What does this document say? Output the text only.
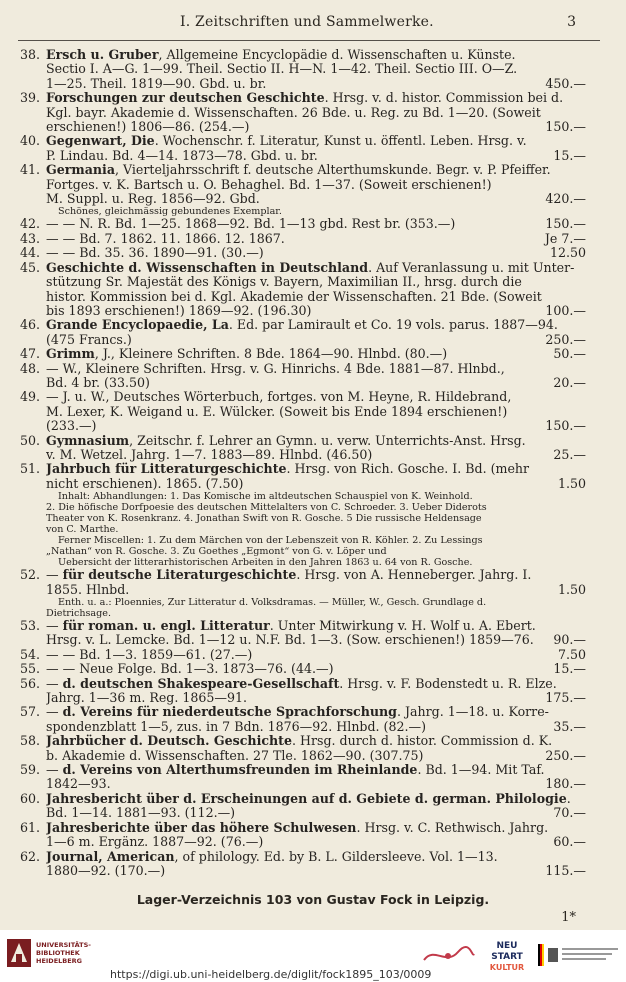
I. Zeitschriften und Sammelwerke.	3
38. Ersch u. Gruber, Allgemeine Encyclopädie d. Wissenschaften u. Künste.
Sectio I. A—G. 1—99. Theil. Sectio II. H—N. 1—42. Theil. Sectio III. O—Z.
1—25. Theil. 1819—90. Gbd. u. br.	450.—
39. Forschungen zur deutschen Geschichte. Hrsg. v. d. histor. Commission bei d.
Kgl. bayr. Akademie d. Wissenschaften. 26 Bde. u. Reg. zu Bd. 1—20. (Soweit
erschienen!) 1806—86. (254.—)	150.—
40. Gegenwart, Die. Wochenschr. f. Literatur, Kunst u. öffentl. Leben. Hrsg. v.
P. Lindau. Bd. 4—14. 1873—78. Gbd. u. br.	15.—
41. Germania, Vierteljahrsschrift f. deutsche Alterthumskunde. Begr. v. P. Pfeiffer.
Fortges. v. K. Bartsch u. O. Behaghel. Bd. 1—37. (Soweit erschienen!)
M. Suppl. u. Reg. 1856—92. Gbd.	420.—
Schönes, gleichmässig gebundenes Exemplar.
42. — — N. R. Bd. 1—25. 1868—92. Bd. 1—13 gbd. Rest br. (353.—)	150.—
43. — — Bd. 7. 1862. 11. 1866. 12. 1867.	Je 7.—
44. — — Bd. 35. 36. 1890—91. (30.—)	12.50
45. Geschichte d. Wissenschaften in Deutschland. Auf Veranlassung u. mit Unter-
stützung Sr. Majestät des Königs v. Bayern, Maximilian II., hrsg. durch die
histor. Kommission bei d. Kgl. Akademie der Wissenschaften. 21 Bde. (Soweit
bis 1893 erschienen!) 1869—92. (196.30)	100.—
46. Grande Encyclopaedie, La. Ed. par Lamirault et Co. 19 vols. parus. 1887—94.
(475 Francs.)	250.—
47. Grimm, J., Kleinere Schriften. 8 Bde. 1864—90. Hlnbd. (80.—)	50.—
48. — W., Kleinere Schriften. Hrsg. v. G. Hinrichs. 4 Bde. 1881—87. Hlnbd.,
Bd. 4 br. (33.50)	20.—
49. — J. u. W., Deutsches Wörterbuch, fortges. von M. Heyne, R. Hildebrand,
M. Lexer, K. Weigand u. E. Wülcker. (Soweit bis Ende 1894 erschienen!)
(233.—)	150.—
50. Gymnasium, Zeitschr. f. Lehrer an Gymn. u. verw. Unterrichts-Anst. Hrsg.
v. M. Wetzel. Jahrg. 1—7. 1883—89. Hlnbd. (46.50)	25.—
51. Jahrbuch für Litteraturgeschichte. Hrsg. von Rich. Gosche. I. Bd. (mehr
nicht erschienen). 1865. (7.50)	1.50
Inhalt: Abhandlungen: 1. Das Komische im altdeutschen Schauspiel von K. Weinhold.
2. Die höfische Dorfpoesie des deutschen Mittelalters von C. Schroeder. 3. Ueber Diderots
Theater von K. Rosenkranz. 4. Jonathan Swift von R. Gosche. 5 Die russische Heldensage
von C. Marthe.
Ferner Miscellen: 1. Zu dem Märchen von der Lebenszeit von R. Köhler. 2. Zu Lessings
„Nathan“ von R. Gosche. 3. Zu Goethes „Egmont“ von G. v. Löper und
Uebersicht der litterarhistorischen Arbeiten in den Jahren 1863 u. 64 von R. Gosche.
52. — für deutsche Literaturgeschichte. Hrsg. von A. Henneberger. Jahrg. I.
1855. Hlnbd.	1.50
Enth. u. a.: Ploennies, Zur Litteratur d. Volksdramas. — Müller, W., Gesch. Grundlage d.
Dietrichsage.
53. — für roman. u. engl. Litteratur. Unter Mitwirkung v. H. Wolf u. A. Ebert.
Hrsg. v. L. Lemcke. Bd. 1—12 u. N.F. Bd. 1—3. (Sow. erschienen!) 1859—76.	90.—
54. — — Bd. 1—3. 1859—61. (27.—)	7.50
55. — — Neue Folge. Bd. 1—3. 1873—76. (44.—)	15.—
56. — d. deutschen Shakespeare-Gesellschaft. Hrsg. v. F. Bodenstedt u. R. Elze.
Jahrg. 1—36 m. Reg. 1865—91.	175.—
57. — d. Vereins für niederdeutsche Sprachforschung. Jahrg. 1—18. u. Korre-
spondenzblatt 1—5, zus. in 7 Bdn. 1876—92. Hlnbd. (82.—)	35.—
58. Jahrbücher d. Deutsch. Geschichte. Hrsg. durch d. histor. Commission d. K.
b. Akademie d. Wissenschaften. 27 Tle. 1862—90. (307.75)	250.—
59. — d. Vereins von Alterthumsfreunden im Rheinlande. Bd. 1—94. Mit Taf.
1842—93.	180.—
60. Jahresbericht über d. Erscheinungen auf d. Gebiete d. german. Philologie.
Bd. 1—14. 1881—93. (112.—)	70.—
61. Jahresberichte über das höhere Schulwesen. Hrsg. v. C. Rethwisch. Jahrg.
1—6 m. Ergänz. 1887—92. (76.—)	60.—
62. Journal, American, of philology. Ed. by B. L. Gildersleeve. Vol. 1—13.
1880—92. (170.—)	115.—
Lager-Verzeichnis 103 von Gustav Fock in Leipzig.
1*
UNIVERSITÄTS-
BIBLIOTHEK
HEIDELBERG
https://digi.ub.uni-heidelberg.de/diglit/fock1895_103/0009
NEU
START
KULTUR
